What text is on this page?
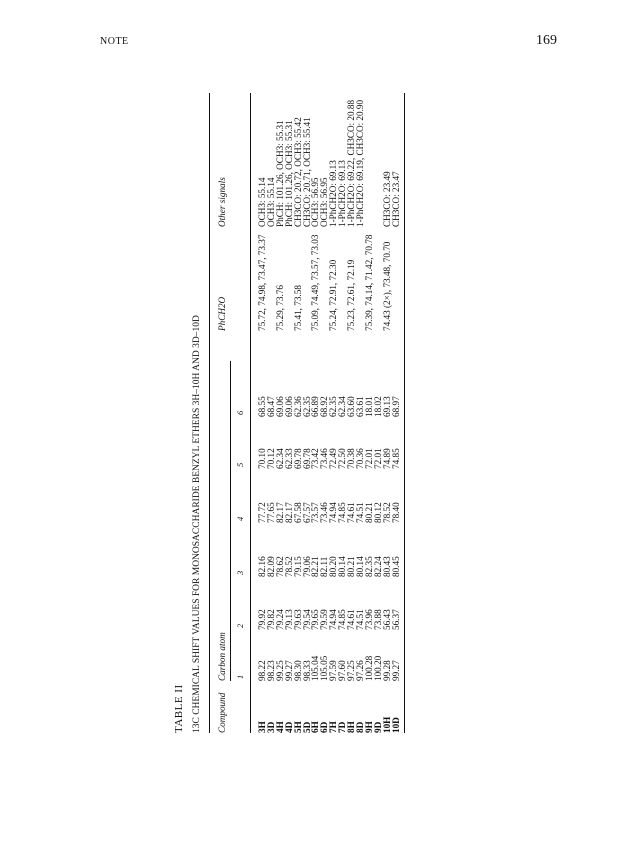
NOTE	169
TABLE II 13C CHEMICAL SHIFT VALUES FOR MONOSACCHARIDE BENZYL ETHERS 3H–10H AND 3D–10D Compound
Carbon atom
PhCH2O
Other signals
1
2
3
4
5
6
3H
98.22
79.92
82.16
77.72
70.10
68.55
75.72, 74.98, 73.47, 73.37
OCH3: 55.14
3D
98.23
79.82
82.09
77.65
70.12
68.47
OCH3: 55.14
4H
99.25
79.24
78.62
82.17
62.34
69.06
75.29, 73.76
PhCH: 101.26, OCH3: 55.31
4D
99.27
79.13
78.52
82.17
62.33
69.06
PhCH: 101.26, OCH3: 55.31
5H
98.30
79.63
79.15
67.58
69.78
62.36
75.41, 73.58
CH3CO: 20.72, OCH3: 55.42
5D
98.33
79.54
79.06
67.57
69.78
62.35
CH3CO: 20.71, OCH3: 55.41
6H
105.04
79.65
82.21
73.57
73.42
66.89
75.09, 74.49, 73.57, 73.03
OCH3: 56.95
6D
105.05
79.59
82.11
73.46
73.46
68.92
OCH3: 56.95
7H
97.59
74.94
80.20
74.94
72.49
62.35
75.24, 72.91, 72.30
1-PhCH2O: 69.13
7D
97.60
74.85
80.14
74.85
72.50
62.34
1-PhCH2O: 69.13
8H
97.25
74.61
80.21
74.61
70.38
63.60
75.23, 72.61, 72.19
1-PhCH2O: 69.22, CH3CO: 20.88
8D
97.26
74.51
80.14
74.51
70.36
63.61
1-PhCH2O: 69.19, CH3CO: 20.90
9H
100.28
73.96
82.35
80.21
72.01
18.01
75.39, 74.14, 71.42, 70.78
9D
100.20
73.88
82.24
80.12
72.01
18.02
10H
99.28
56.43
80.43
78.52
74.89
69.13
74.43 (2×), 73.48, 70.70
CH3CO: 23.49
10D
99.27
56.37
80.45
78.40
74.85
68.97
CH3CO: 23.47
